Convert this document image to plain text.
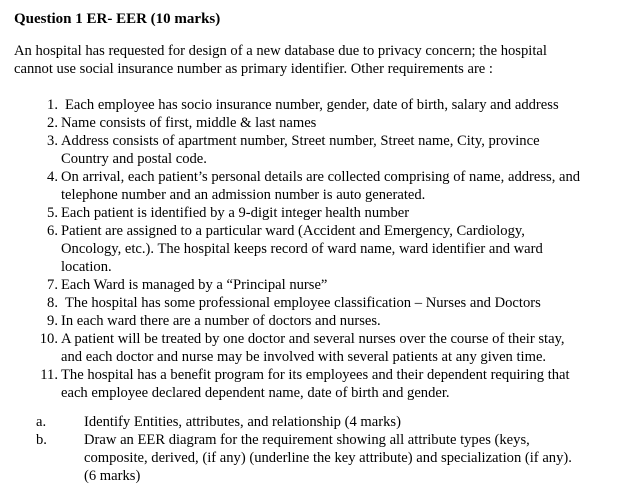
Question 1 ER- EER (10 marks)
An hospital has requested for design of a new database due to privacy concern; the hospital
cannot use social insurance number as primary identifier. Other requirements are :
1. Each employee has socio insurance number, gender, date of birth, salary and address
2. Name consists of first, middle & last names
3. Address consists of apartment number, Street number, Street name, City, province
Country and postal code.
4. On arrival, each patient’s personal details are collected comprising of name, address, and
telephone number and an admission number is auto generated.
5. Each patient is identified by a 9-digit integer health number
6. Patient are assigned to a particular ward (Accident and Emergency, Cardiology,
Oncology, etc.). The hospital keeps record of ward name, ward identifier and ward
location.
7. Each Ward is managed by a “Principal nurse”
8. The hospital has some professional employee classification – Nurses and Doctors
9. In each ward there are a number of doctors and nurses.
10. A patient will be treated by one doctor and several nurses over the course of their stay,
and each doctor and nurse may be involved with several patients at any given time.
11. The hospital has a benefit program for its employees and their dependent requiring that
each employee declared dependent name, date of birth and gender.
a.	Identify Entities, attributes, and relationship (4 marks)
b.	Draw an EER diagram for the requirement showing all attribute types (keys,
composite, derived, (if any) (underline the key attribute) and specialization (if any).
(6 marks)
